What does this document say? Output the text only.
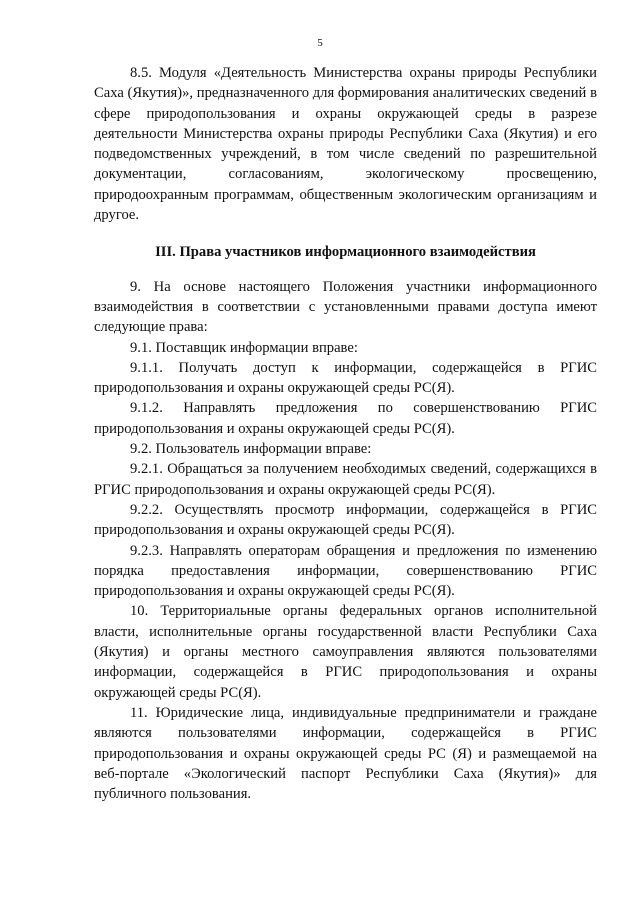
5

8.5. Модуля «Деятельность Министерства охраны природы Республики Саха (Якутия)», предназначенного для формирования аналитических сведений в сфере природопользования и охраны окружающей среды в разрезе деятельности Министерства охраны природы Республики Саха (Якутия) и его подведомственных учреждений, в том числе сведений по разрешительной документации, согласованиям, экологическому просвещению, природоохранным программам, общественным экологическим организациям и другое.

III. Права участников информационного взаимодействия

9. На основе настоящего Положения участники информационного взаимодействия в соответствии с установленными правами доступа имеют следующие права:

9.1. Поставщик информации вправе:

9.1.1. Получать доступ к информации, содержащейся в РГИС природопользования и охраны окружающей среды РС(Я).

9.1.2. Направлять предложения по совершенствованию РГИС природопользования и охраны окружающей среды РС(Я).

9.2. Пользователь информации вправе:

9.2.1. Обращаться за получением необходимых сведений, содержащихся в РГИС природопользования и охраны окружающей среды РС(Я).

9.2.2. Осуществлять просмотр информации, содержащейся в РГИС природопользования и охраны окружающей среды РС(Я).

9.2.3. Направлять операторам обращения и предложения по изменению порядка предоставления информации, совершенствованию РГИС природопользования и охраны окружающей среды РС(Я).

10. Территориальные органы федеральных органов исполнительной власти, исполнительные органы государственной власти Республики Саха (Якутия) и органы местного самоуправления являются пользователями информации, содержащейся в РГИС природопользования и охраны окружающей среды РС(Я).

11. Юридические лица, индивидуальные предприниматели и граждане являются пользователями информации, содержащейся в РГИС природопользования и охраны окружающей среды РС (Я) и размещаемой на веб-портале «Экологический паспорт Республики Саха (Якутия)» для публичного пользования.
